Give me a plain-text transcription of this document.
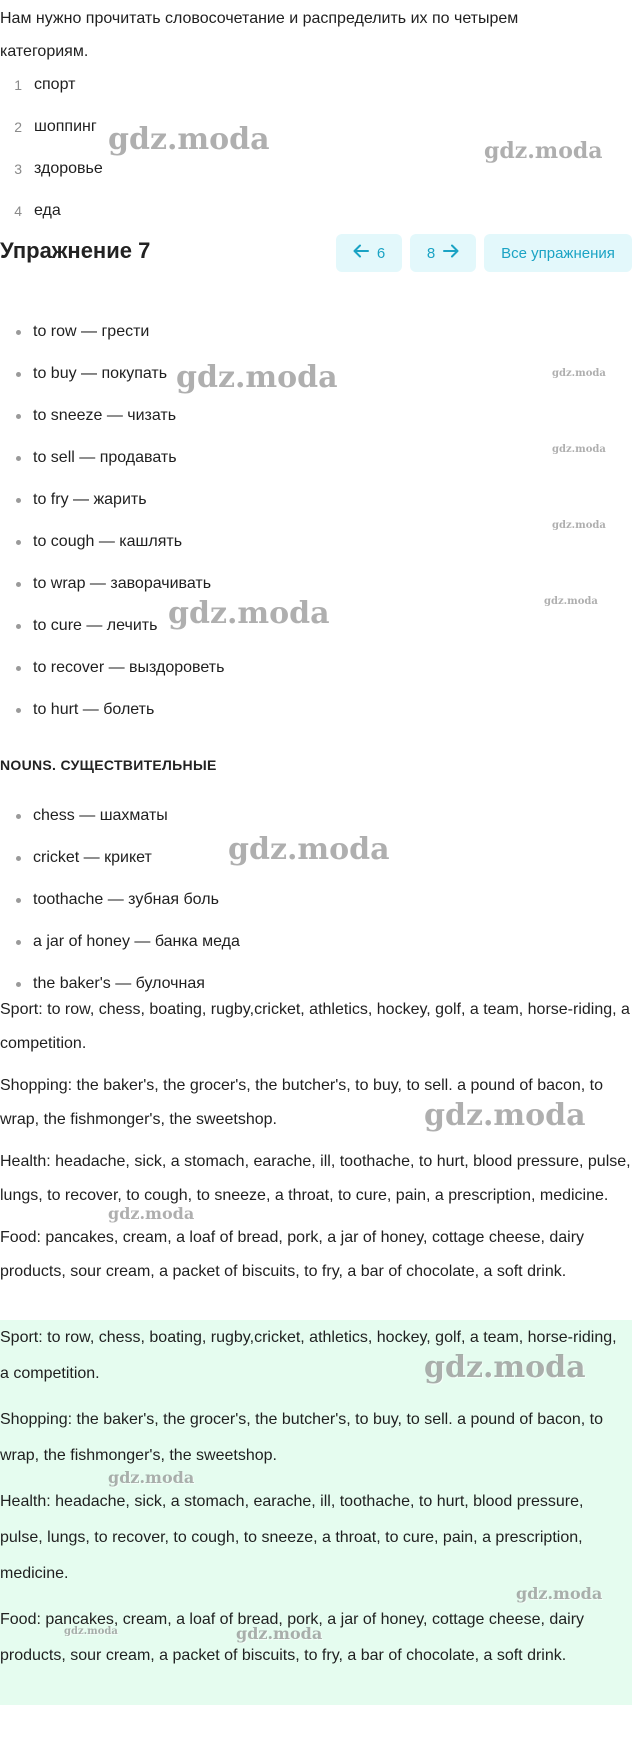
Нам нужно прочитать словосочетание и распределить их по четырем категориям.
1 спорт
2 шоппинг
3 здоровье
4 еда
Упражнение 7	6	8	Все упражнения
to row — грести
to buy — покупать
to sneeze — чизать
to sell — продавать
to fry — жарить
to cough — кашлять
to wrap — заворачивать
to cure — лечить
to recover — выздороветь
to hurt — болеть
NOUNS. СУЩЕСТВИТЕЛЬНЫЕ
chess — шахматы
cricket — крикет
toothache — зубная боль
a jar of honey — банка меда
the baker's — булочная

Sport: to row, chess, boating, rugby,cricket, athletics, hockey, golf, a team, horse-riding, a competition.

Shopping: the baker's, the grocer's, the butcher's, to buy, to sell. a pound of bacon, to wrap, the fishmonger's, the sweetshop.

Health: headache, sick, a stomach, earache, ill, toothache, to hurt, blood pressure, pulse, lungs, to recover, to cough, to sneeze, a throat, to cure, pain, a prescription, medicine.

Food: pancakes, cream, a loaf of bread, pork, a jar of honey, cottage cheese, dairy products, sour cream, a packet of biscuits, to fry, a bar of chocolate, a soft drink.

Sport: to row, chess, boating, rugby,cricket, athletics, hockey, golf, a team, horse-riding, a competition.

Shopping: the baker's, the grocer's, the butcher's, to buy, to sell. a pound of bacon, to wrap, the fishmonger's, the sweetshop.

Health: headache, sick, a stomach, earache, ill, toothache, to hurt, blood pressure, pulse, lungs, to recover, to cough, to sneeze, a throat, to cure, pain, a prescription, medicine.

Food: pancakes, cream, a loaf of bread, pork, a jar of honey, cottage cheese, dairy products, sour cream, a packet of biscuits, to fry, a bar of chocolate, a soft drink.

gdz.moda	gdz.moda
gdz.moda	gdz.moda
gdz.moda
gdz.moda
gdz.moda
gdz.moda
gdz.moda
gdz.moda
gdz.moda
gdz.moda
gdz.moda
gdz.moda
gdz.moda	gdz.moda
